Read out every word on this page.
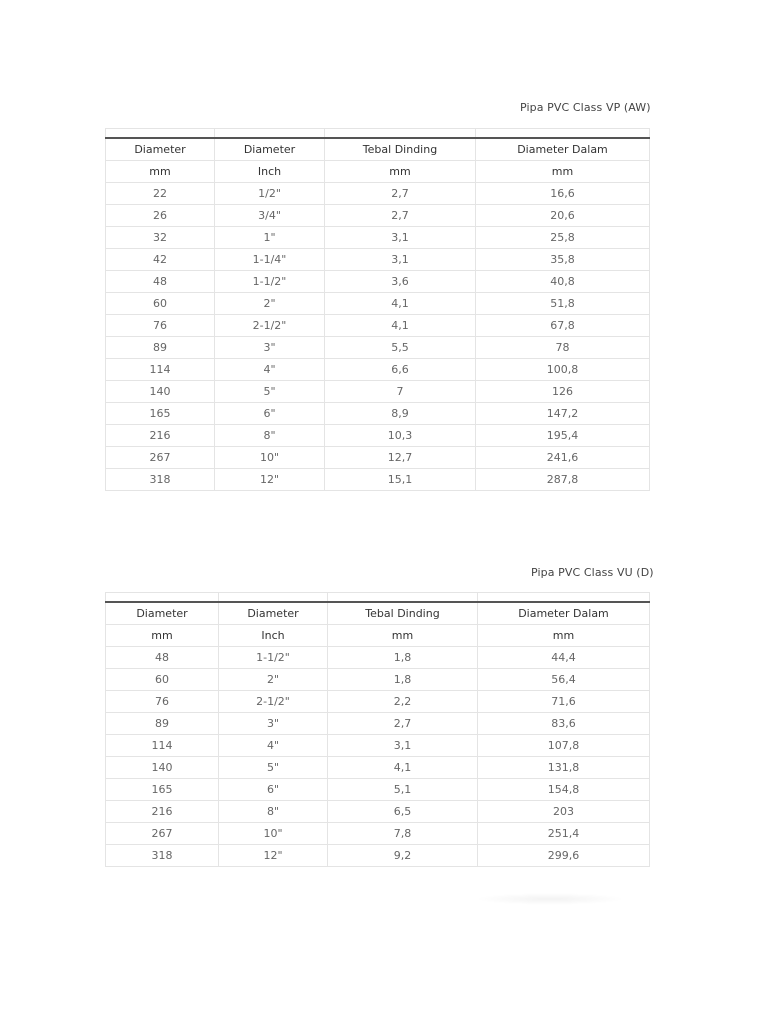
Pipa PVC Class VP (AW)

Diameter	Diameter	Tebal Dinding	Diameter Dalam
mm	Inch	mm	mm
22	1/2"	2,7	16,6
26	3/4"	2,7	20,6
32	1"	3,1	25,8
42	1-1/4"	3,1	35,8
48	1-1/2"	3,6	40,8
60	2"	4,1	51,8
76	2-1/2"	4,1	67,8
89	3"	5,5	78
114	4"	6,6	100,8
140	5"	7	126
165	6"	8,9	147,2
216	8"	10,3	195,4
267	10"	12,7	241,6
318	12"	15,1	287,8
Pipa PVC Class VU (D)

Diameter	Diameter	Tebal Dinding	Diameter Dalam
mm	Inch	mm	mm
48	1-1/2"	1,8	44,4
60	2"	1,8	56,4
76	2-1/2"	2,2	71,6
89	3"	2,7	83,6
114	4"	3,1	107,8
140	5"	4,1	131,8
165	6"	5,1	154,8
216	8"	6,5	203
267	10"	7,8	251,4
318	12"	9,2	299,6
